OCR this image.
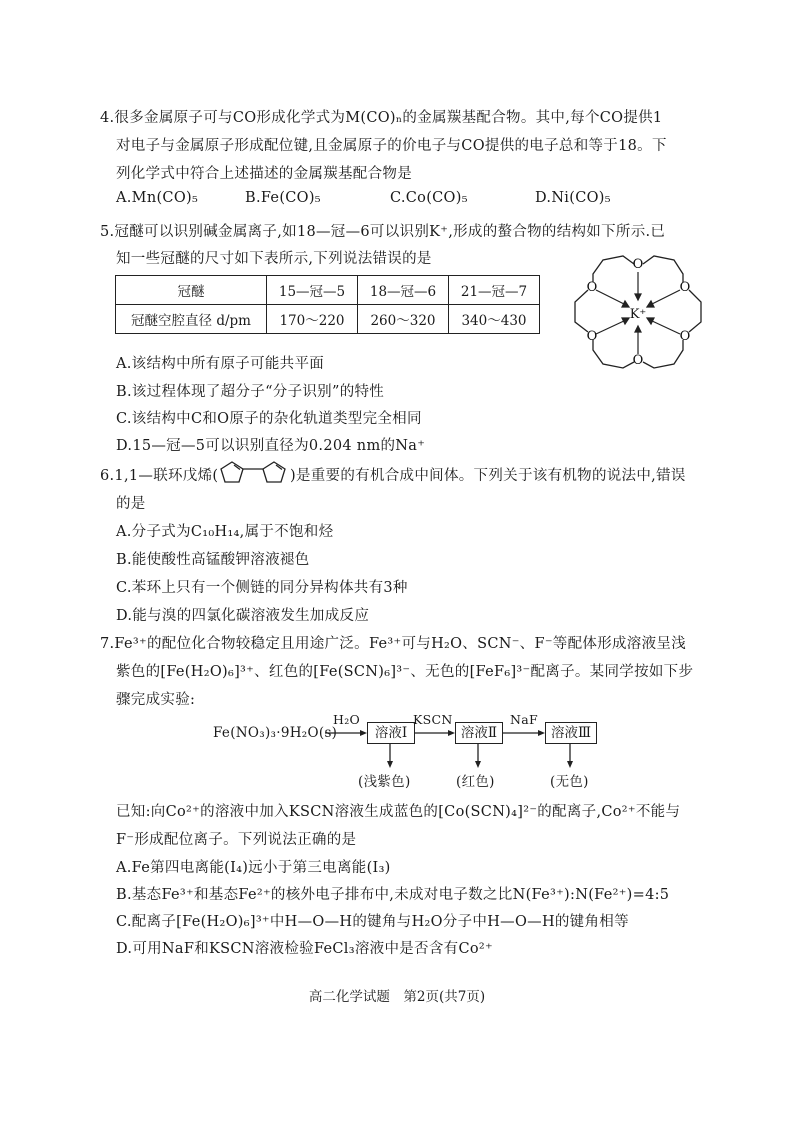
4.很多金属原子可与CO形成化学式为M(CO)ₙ的金属羰基配合物。其中,每个CO提供1
对电子与金属原子形成配位键,且金属原子的价电子与CO提供的电子总和等于18。下
列化学式中符合上述描述的金属羰基配合物是
A.Mn(CO)₅	B.Fe(CO)₅	C.Co(CO)₅	D.Ni(CO)₅
5.冠醚可以识别碱金属离子,如18—冠—6可以识别K⁺,形成的螯合物的结构如下所示.已
知一些冠醚的尺寸如下表所示,下列说法错误的是
冠醚	15—冠—5	18—冠—6	21—冠—7
冠醚空腔直径 d/pm	170～220	260～320	340～430
O
O	O
O	O
O
K⁺
A.该结构中所有原子可能共平面
B.该过程体现了超分子“分子识别”的特性
C.该结构中C和O原子的杂化轨道类型完全相同
D.15—冠—5可以识别直径为0.204 nm的Na⁺
6.1,1—联环戊烯(	)是重要的有机合成中间体。下列关于该有机物的说法中,错误
的是
A.分子式为C₁₀H₁₄,属于不饱和烃
B.能使酸性高锰酸钾溶液褪色
C.苯环上只有一个侧链的同分异构体共有3种
D.能与溴的四氯化碳溶液发生加成反应
7.Fe³⁺的配位化合物较稳定且用途广泛。Fe³⁺可与H₂O、SCN⁻、F⁻等配体形成溶液呈浅
紫色的[Fe(H₂O)₆]³⁺、红色的[Fe(SCN)₆]³⁻、无色的[FeF₆]³⁻配离子。某同学按如下步
骤完成实验:
Fe(NO₃)₃·9H₂O(s)
H₂O
溶液Ⅰ
KSCN
溶液Ⅱ
NaF
溶液Ⅲ
(浅紫色)	(红色)	(无色)
已知:向Co²⁺的溶液中加入KSCN溶液生成蓝色的[Co(SCN)₄]²⁻的配离子,Co²⁺不能与
F⁻形成配位离子。下列说法正确的是
A.Fe第四电离能(I₄)远小于第三电离能(I₃)
B.基态Fe³⁺和基态Fe²⁺的核外电子排布中,未成对电子数之比N(Fe³⁺):N(Fe²⁺)=4:5
C.配离子[Fe(H₂O)₆]³⁺中H—O—H的键角与H₂O分子中H—O—H的键角相等
D.可用NaF和KSCN溶液检验FeCl₃溶液中是否含有Co²⁺
高二化学试题　第2页(共7页)
